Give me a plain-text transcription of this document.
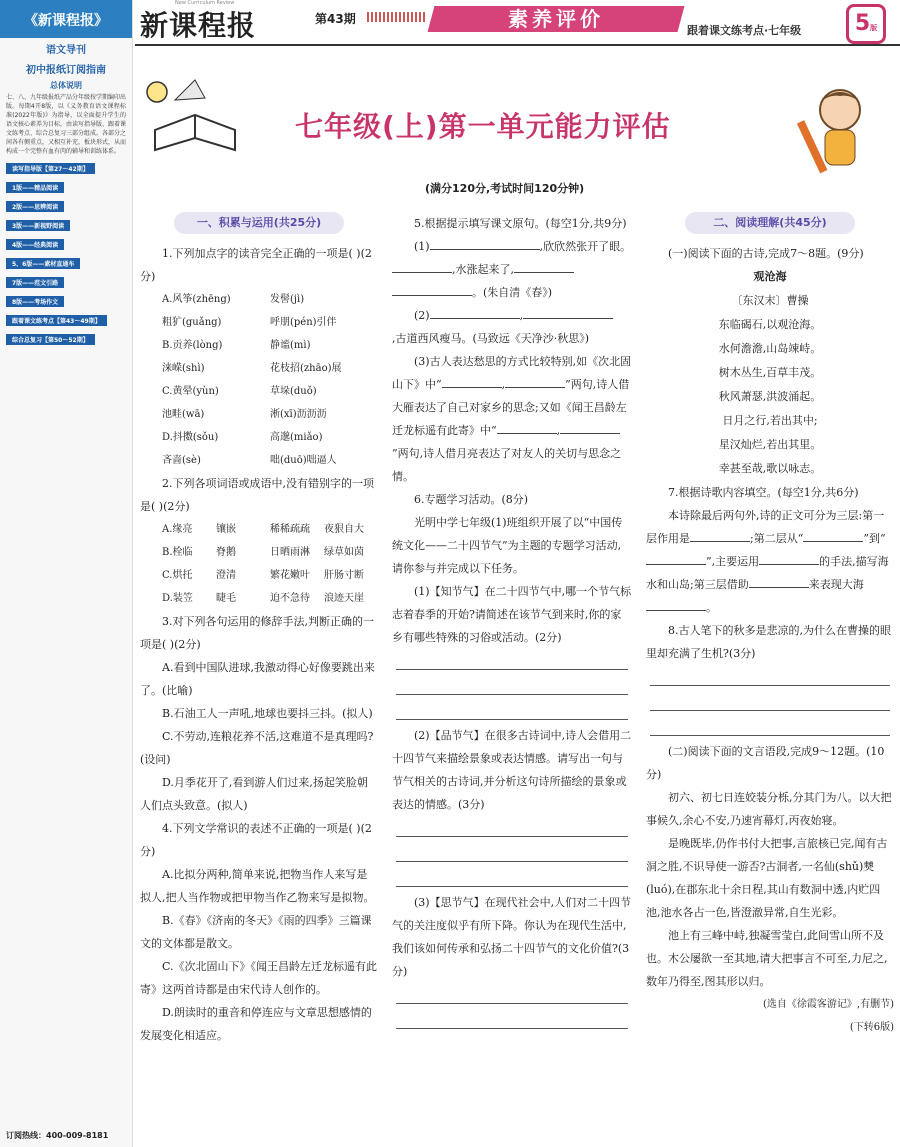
《新课程报》
语文导刊
初中报纸订阅指南
总体说明
七、八、九年级报纸产品分年级按学期编印出版。每期4开8版，以《义务教育语文课程标准(2022年版)》为指导，以全面提升学生的语文核心素养为目标，由读写指导版、跟着课文练考点、综合总复习三部分组成。各部分之间各有侧重点，又相互补充，板块形式，从而构成一个完整有血有肉的辅导和训练体系。
读写指导版【第27～42期】
1版——精品阅读
2版——思辨阅读
3版——新视野阅读
4版——经典阅读
5、6版——素材直通车
7版——范文引路
8版——考场作文
跟着课文练考点【第43～49期】
综合总复习【第50～52期】

订阅热线：400-009-8181
新课程报
New Curriculum Review
第43期	素养评价	跟着课文练考点·七年级	5版
七年级(上)第一单元能力评估
(满分120分,考试时间120分钟)
一、积累与运用(共25分)

1.下列加点字的读音完全正确的一项是( )(2分)

A.风筝(zhēng)	发髻(jì)
粗犷(guǎng)	呼朋(pén)引伴
B.贡养(lòng)	静谧(mì)
涞嵘(shì)	花枝招(zhāo)展
C.黄晕(yùn)	草垛(duǒ)
池畦(wā)	淅(xī)沥沥沥
D.抖擞(sǒu)	高邈(miǎo)
吝啬(sè)	咄(duō)咄逼人

2.下列各项词语或成语中,没有错别字的一项是( )(2分)

A.缘亮	镶嵌	稀稀疏疏	夜狠自大
B.栓临	脊鹅	日晒雨淋	绿草如茵
C.烘托	澄清	繁花嫩叶	肝肠寸断
D.装笠	睫毛	迫不急待	浪迹天崖

3.对下列各句运用的修辞手法,判断正确的一项是( )(2分)

A.看到中国队进球,我激动得心好像要跳出来了。(比喻)

B.石油工人一声吼,地球也要抖三抖。(拟人)

C.不劳动,连粮花养不活,这难道不是真理吗?(设问)

D.月季花开了,看到游人们过来,扬起笑脸朝人们点头致意。(拟人)

4.下列文学常识的表述不正确的一项是( )(2分)

A.比拟分两种,简单来说,把物当作人来写是拟人,把人当作物或把甲物当作乙物来写是拟物。

B.《春》《济南的冬天》《雨的四季》三篇课文的文体都是散文。

C.《次北固山下》《闻王昌龄左迁龙标遥有此寄》这两首诗都是由宋代诗人创作的。

D.朗读时的重音和停连应与文章思想感情的发展变化相适应。

5.根据提示填写课文原句。(每空1分,共9分)

(1)	,欣欣然张开了眼。

,水涨起来了,

。(朱自清《春》)

(2)	,

,古道西风瘦马。(马致远《天净沙·秋思》)

(3)古人表达愁思的方式比较特别,如《次北固山下》中“	,	”两句,诗人借大雁表达了自己对家乡的思念;又如《闻王昌龄左迁龙标遥有此寄》中“	,”两句,诗人借月亮表达了对友人的关切与思念之情。

6.专题学习活动。(8分)

光明中学七年级(1)班组织开展了以“中国传统文化——二十四节气”为主题的专题学习活动,请你参与并完成以下任务。

(1)【知节气】在二十四节气中,哪一个节气标志着春季的开始?请简述在该节气到来时,你的家乡有哪些特殊的习俗或活动。(2分)

(2)【品节气】在很多古诗词中,诗人会借用二十四节气来描绘景象或表达情感。请写出一句与节气相关的古诗词,并分析这句诗所描绘的景象或表达的情感。(3分)

(3)【思节气】在现代社会中,人们对二十四节气的关注度似乎有所下降。你认为在现代生活中,我们该如何传承和弘扬二十四节气的文化价值?(3分)

二、阅读理解(共45分)

(一)阅读下面的古诗,完成7～8题。(9分)

观沧海
〔东汉末〕曹操
东临碣石,以观沧海。
水何澹澹,山岛竦峙。
树木丛生,百草丰茂。
秋风萧瑟,洪波涌起。
日月之行,若出其中;
星汉灿烂,若出其里。
幸甚至哉,歌以咏志。

7.根据诗歌内容填空。(每空1分,共6分)

本诗除最后两句外,诗的正文可分为三层:第一层作用是	;第二层从“	”到“”,主要运用	的手法,描写海水和山岛;第三层借助	来表现大海。

8.古人笔下的秋多是悲凉的,为什么在曹操的眼里却充满了生机?(3分)

(二)阅读下面的文言语段,完成9～12题。(10分)

初六、初七日连姣装分栎,分其门为八。以大把事候久,余心不安,乃速宵幕灯,丙夜始寝。

是晚既毕,仍作书付大把事,言旅核已完,闻有古洞之胜,不识导使一游否?古洞者,一名仙(shǔ)僰(luó),在郡东北十余日程,其山有数洞中透,内贮四池,池水各占一色,皆澄澈异常,自生光彩。

池上有三峰中峙,独凝雪莹白,此间雪山所不及也。木公屡欲一至其地,请大把事言不可至,力尼之,数年乃得至,图其形以归。

(选自《徐霞客游记》,有删节)
(下转6版)
